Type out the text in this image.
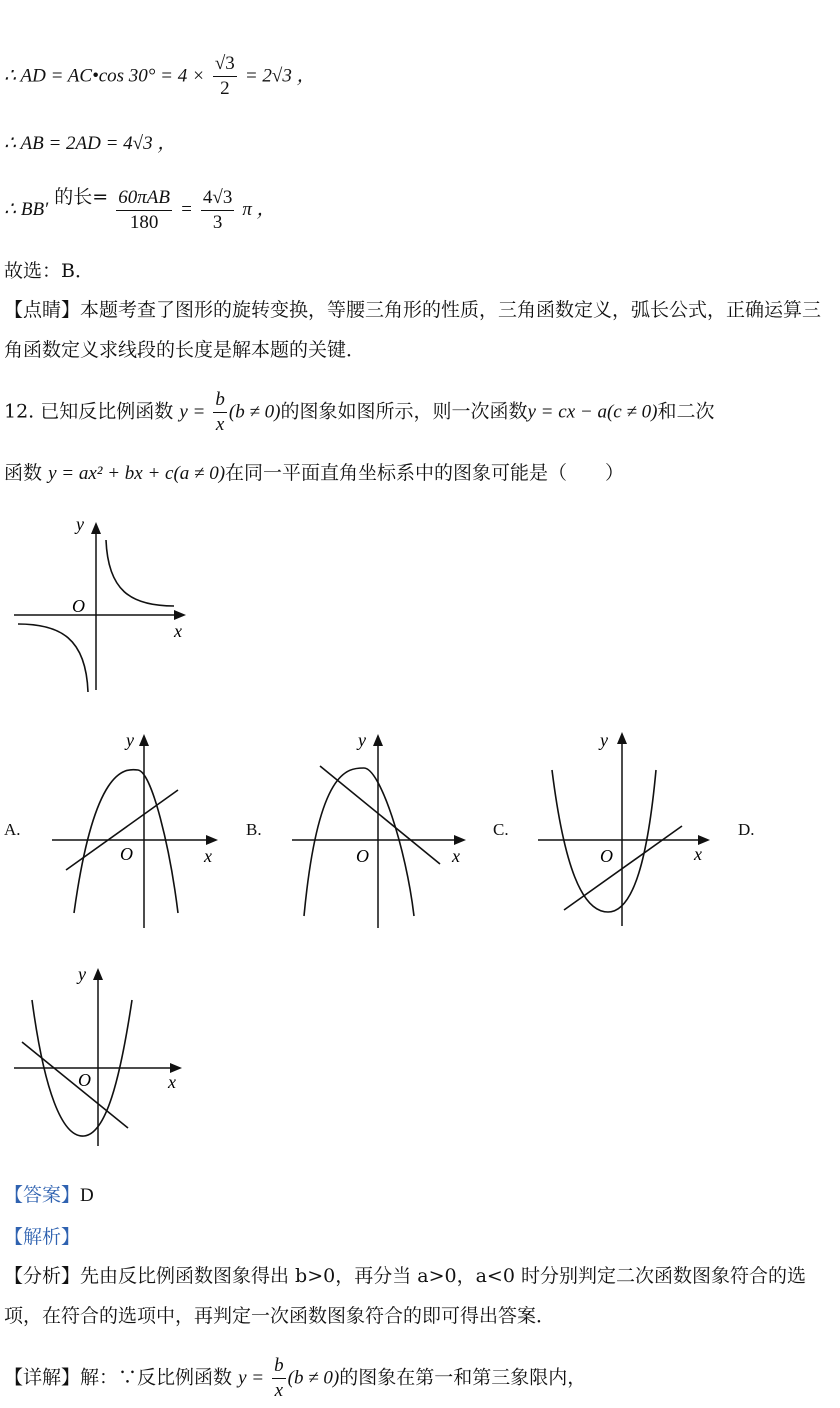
∴ AD = AC•cos $30^\circ = 4 \times \frac{√3}{2} = 2√3$ ，
∴ AB = 2AD = 4√3 ，
∴ BB′ 的长= $\frac{\text{60πAB}}{180} = \frac{4√3}{3}$ π ，
故选：B．
【点睛】本题考查了图形的旋转变换，等腰三角形的性质，三角函数定义，弧长公式，正确运算三角函数定义求线段的长度是解本题的关键．
12. 已知反比例函数 $y = \frac{b}{x} (b \ne 0)$的图象如图所示，则一次函数y = cx − a(c ≠ 0)和二次
函数 y = ax² + bx + c(a ≠ 0)在同一平面直角坐标系中的图象可能是（　　）
x
y
O
A.
x
y
O
B.
x
y
O
C.
x
y
O
D.
x
y
O
【答案】D
【解析】
【分析】先由反比例函数图象得出 b>0，再分当 a>0，a<0 时分别判定二次函数图象符合的选项，在符合的选项中，再判定一次函数图象符合的即可得出答案．
【详解】解：∵反比例函数 $y = \frac{b}{x} (b \ne 0)$的图象在第一和第三象限内，
